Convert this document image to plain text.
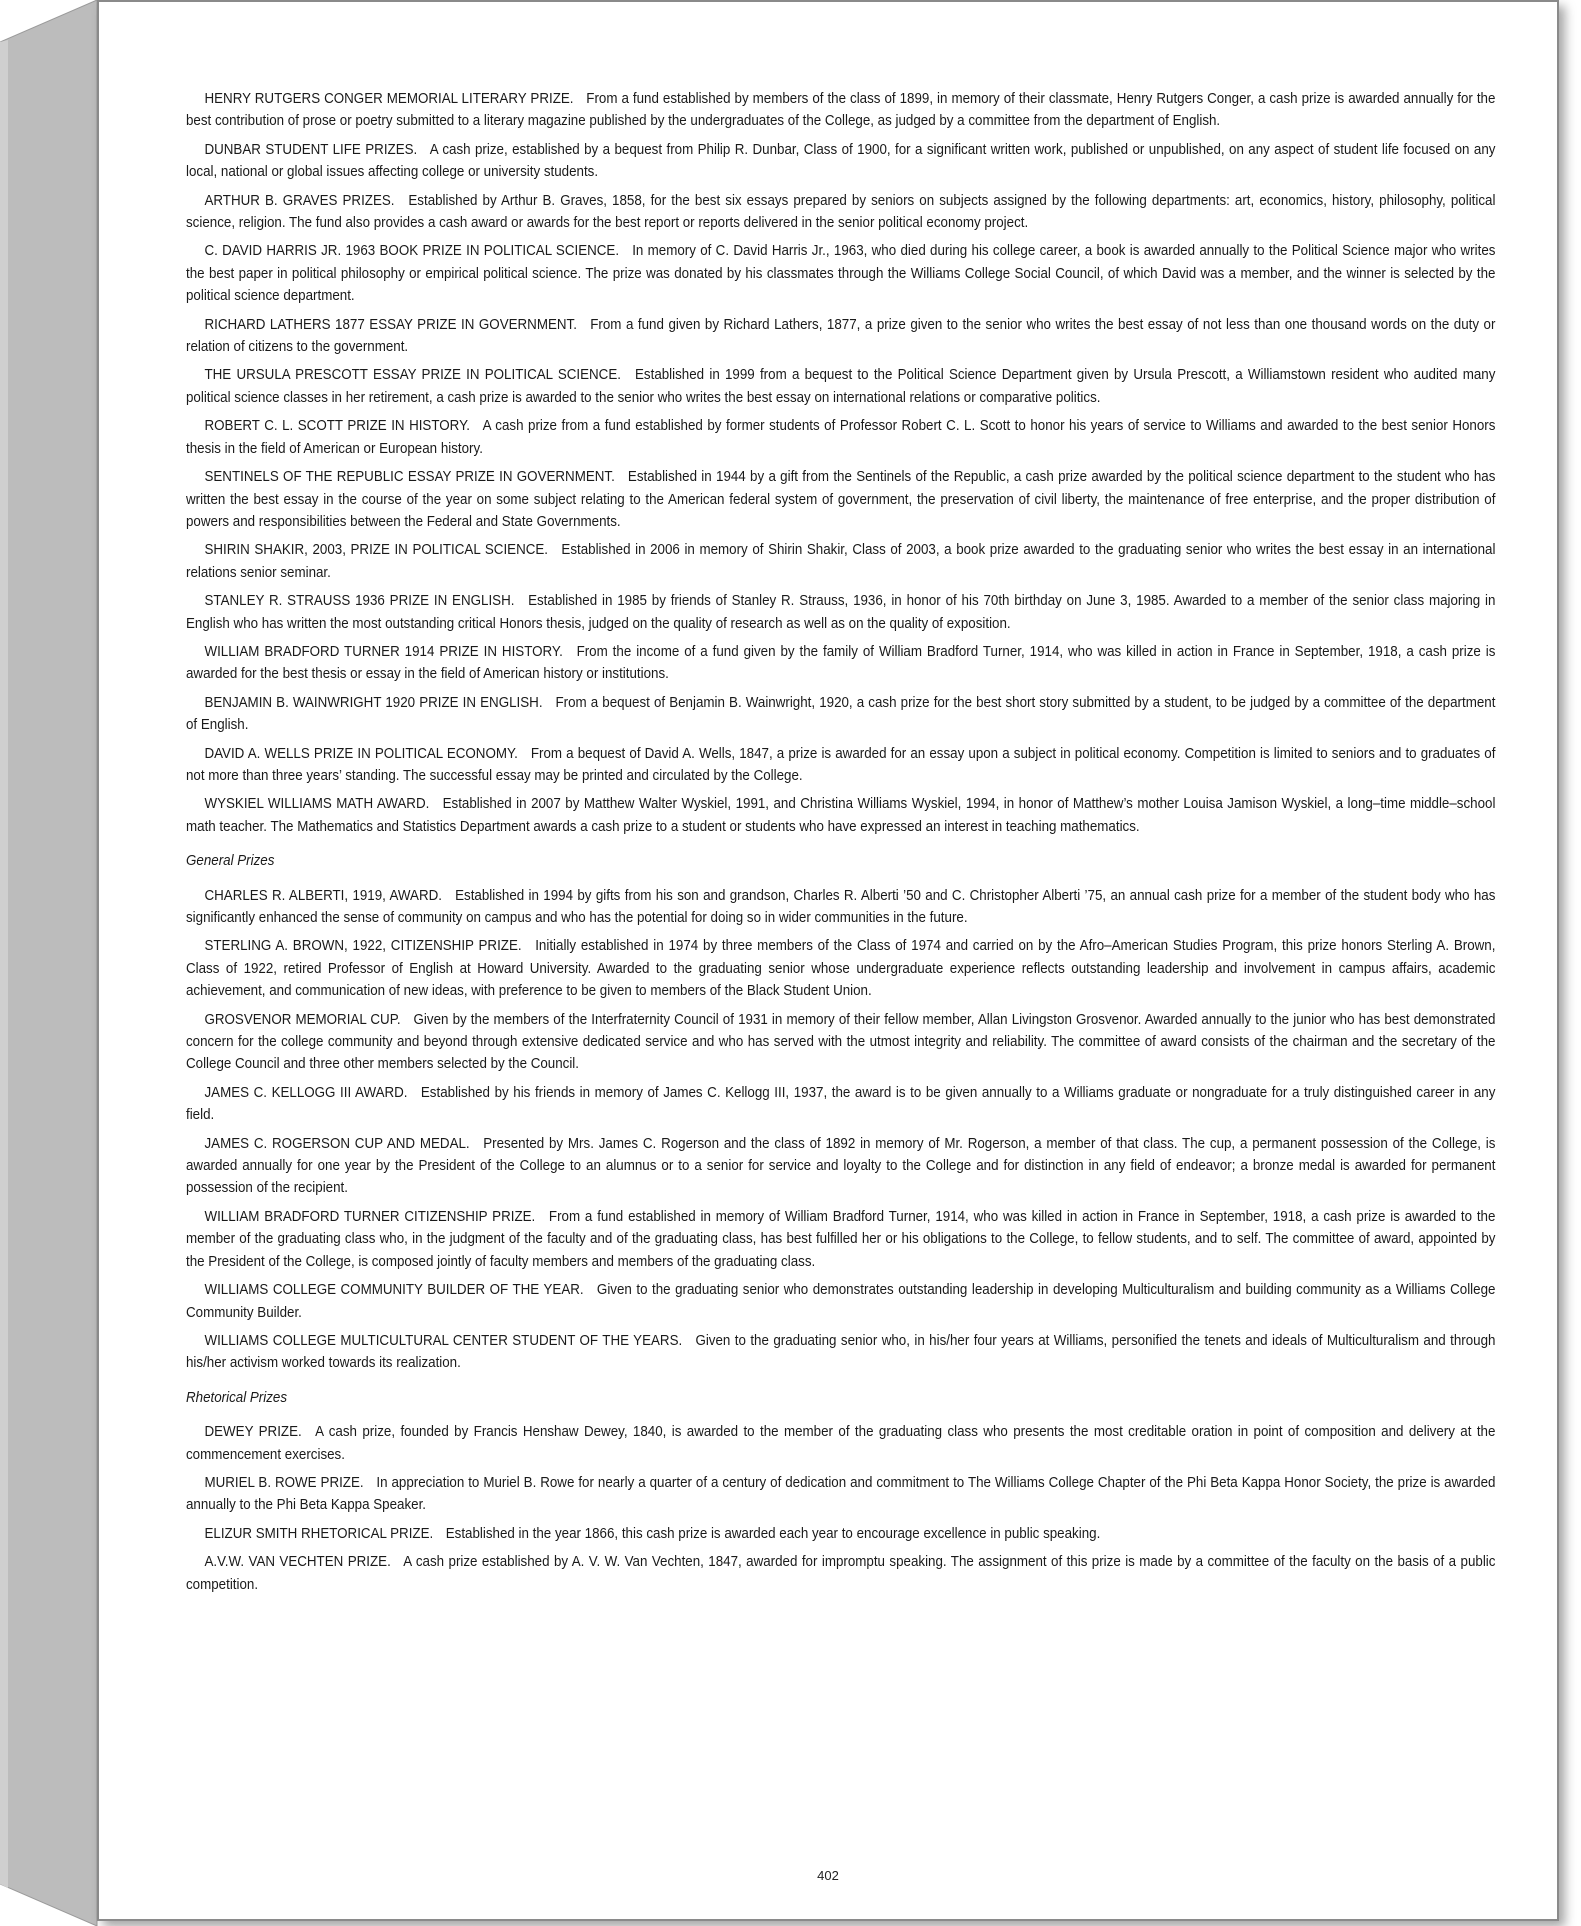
HENRY RUTGERS CONGER MEMORIAL LITERARY PRIZE. From a fund established by members of the class of 1899, in memory of their classmate, Henry Rutgers Conger, a cash prize is awarded annually for the best contribution of prose or poetry submitted to a literary magazine published by the undergraduates of the College, as judged by a committee from the department of English.

DUNBAR STUDENT LIFE PRIZES. A cash prize, established by a bequest from Philip R. Dunbar, Class of 1900, for a significant written work, published or unpublished, on any aspect of student life focused on any local, national or global issues affecting college or university students.

ARTHUR B. GRAVES PRIZES. Established by Arthur B. Graves, 1858, for the best six essays prepared by seniors on subjects assigned by the following departments: art, economics, history, philosophy, political science, religion. The fund also provides a cash award or awards for the best report or reports delivered in the senior political economy project.

C. DAVID HARRIS JR. 1963 BOOK PRIZE IN POLITICAL SCIENCE. In memory of C. David Harris Jr., 1963, who died during his college career, a book is awarded annually to the Political Science major who writes the best paper in political philosophy or empirical political science. The prize was donated by his classmates through the Williams College Social Council, of which David was a member, and the winner is selected by the political science department.

RICHARD LATHERS 1877 ESSAY PRIZE IN GOVERNMENT. From a fund given by Richard Lathers, 1877, a prize given to the senior who writes the best essay of not less than one thousand words on the duty or relation of citizens to the government.

THE URSULA PRESCOTT ESSAY PRIZE IN POLITICAL SCIENCE. Established in 1999 from a bequest to the Political Science Department given by Ursula Prescott, a Williamstown resident who audited many political science classes in her retirement, a cash prize is awarded to the senior who writes the best essay on international relations or comparative politics.

ROBERT C. L. SCOTT PRIZE IN HISTORY. A cash prize from a fund established by former students of Professor Robert C. L. Scott to honor his years of service to Williams and awarded to the best senior Honors thesis in the field of American or European history.

SENTINELS OF THE REPUBLIC ESSAY PRIZE IN GOVERNMENT. Established in 1944 by a gift from the Sentinels of the Republic, a cash prize awarded by the political science department to the student who has written the best essay in the course of the year on some subject relating to the American federal system of government, the preservation of civil liberty, the maintenance of free enterprise, and the proper distribution of powers and responsibilities between the Federal and State Governments.

SHIRIN SHAKIR, 2003, PRIZE IN POLITICAL SCIENCE. Established in 2006 in memory of Shirin Shakir, Class of 2003, a book prize awarded to the graduating senior who writes the best essay in an international relations senior seminar.

STANLEY R. STRAUSS 1936 PRIZE IN ENGLISH. Established in 1985 by friends of Stanley R. Strauss, 1936, in honor of his 70th birthday on June 3, 1985. Awarded to a member of the senior class majoring in English who has written the most outstanding critical Honors thesis, judged on the quality of research as well as on the quality of exposition.

WILLIAM BRADFORD TURNER 1914 PRIZE IN HISTORY. From the income of a fund given by the family of William Bradford Turner, 1914, who was killed in action in France in September, 1918, a cash prize is awarded for the best thesis or essay in the field of American history or institutions.

BENJAMIN B. WAINWRIGHT 1920 PRIZE IN ENGLISH. From a bequest of Benjamin B. Wainwright, 1920, a cash prize for the best short story submitted by a student, to be judged by a committee of the department of English.

DAVID A. WELLS PRIZE IN POLITICAL ECONOMY. From a bequest of David A. Wells, 1847, a prize is awarded for an essay upon a subject in political economy. Competition is limited to seniors and to graduates of not more than three years’ standing. The successful essay may be printed and circulated by the College.

WYSKIEL WILLIAMS MATH AWARD. Established in 2007 by Matthew Walter Wyskiel, 1991, and Christina Williams Wyskiel, 1994, in honor of Matthew’s mother Louisa Jamison Wyskiel, a long–time middle–school math teacher. The Mathematics and Statistics Department awards a cash prize to a student or students who have expressed an interest in teaching mathematics.

General Prizes

CHARLES R. ALBERTI, 1919, AWARD. Established in 1994 by gifts from his son and grandson, Charles R. Alberti ’50 and C. Christopher Alberti ’75, an annual cash prize for a member of the student body who has significantly enhanced the sense of community on campus and who has the potential for doing so in wider communities in the future.

STERLING A. BROWN, 1922, CITIZENSHIP PRIZE. Initially established in 1974 by three members of the Class of 1974 and carried on by the Afro–American Studies Program, this prize honors Sterling A. Brown, Class of 1922, retired Professor of English at Howard University. Awarded to the graduating senior whose undergraduate experience reflects outstanding leadership and involvement in campus affairs, academic achievement, and communication of new ideas, with preference to be given to members of the Black Student Union.

GROSVENOR MEMORIAL CUP. Given by the members of the Interfraternity Council of 1931 in memory of their fellow member, Allan Livingston Grosvenor. Awarded annually to the junior who has best demonstrated concern for the college community and beyond through extensive dedicated service and who has served with the utmost integrity and reliability. The committee of award consists of the chairman and the secretary of the College Council and three other members selected by the Council.

JAMES C. KELLOGG III AWARD. Established by his friends in memory of James C. Kellogg III, 1937, the award is to be given annually to a Williams graduate or nongraduate for a truly distinguished career in any field.

JAMES C. ROGERSON CUP AND MEDAL. Presented by Mrs. James C. Rogerson and the class of 1892 in memory of Mr. Rogerson, a member of that class. The cup, a permanent possession of the College, is awarded annually for one year by the President of the College to an alumnus or to a senior for service and loyalty to the College and for distinction in any field of endeavor; a bronze medal is awarded for permanent possession of the recipient.

WILLIAM BRADFORD TURNER CITIZENSHIP PRIZE. From a fund established in memory of William Bradford Turner, 1914, who was killed in action in France in September, 1918, a cash prize is awarded to the member of the graduating class who, in the judgment of the faculty and of the graduating class, has best fulfilled her or his obligations to the College, to fellow students, and to self. The committee of award, appointed by the President of the College, is composed jointly of faculty members and members of the graduating class.

WILLIAMS COLLEGE COMMUNITY BUILDER OF THE YEAR. Given to the graduating senior who demonstrates outstanding leadership in developing Multiculturalism and building community as a Williams College Community Builder.

WILLIAMS COLLEGE MULTICULTURAL CENTER STUDENT OF THE YEARS. Given to the graduating senior who, in his/her four years at Williams, personified the tenets and ideals of Multiculturalism and through his/her activism worked towards its realization.

Rhetorical Prizes

DEWEY PRIZE. A cash prize, founded by Francis Henshaw Dewey, 1840, is awarded to the member of the graduating class who presents the most creditable oration in point of composition and delivery at the commencement exercises.

MURIEL B. ROWE PRIZE. In appreciation to Muriel B. Rowe for nearly a quarter of a century of dedication and commitment to The Williams College Chapter of the Phi Beta Kappa Honor Society, the prize is awarded annually to the Phi Beta Kappa Speaker.

ELIZUR SMITH RHETORICAL PRIZE. Established in the year 1866, this cash prize is awarded each year to encourage excellence in public speaking.

A.V.W. VAN VECHTEN PRIZE. A cash prize established by A. V. W. Van Vechten, 1847, awarded for impromptu speaking. The assignment of this prize is made by a committee of the faculty on the basis of a public competition.

402
